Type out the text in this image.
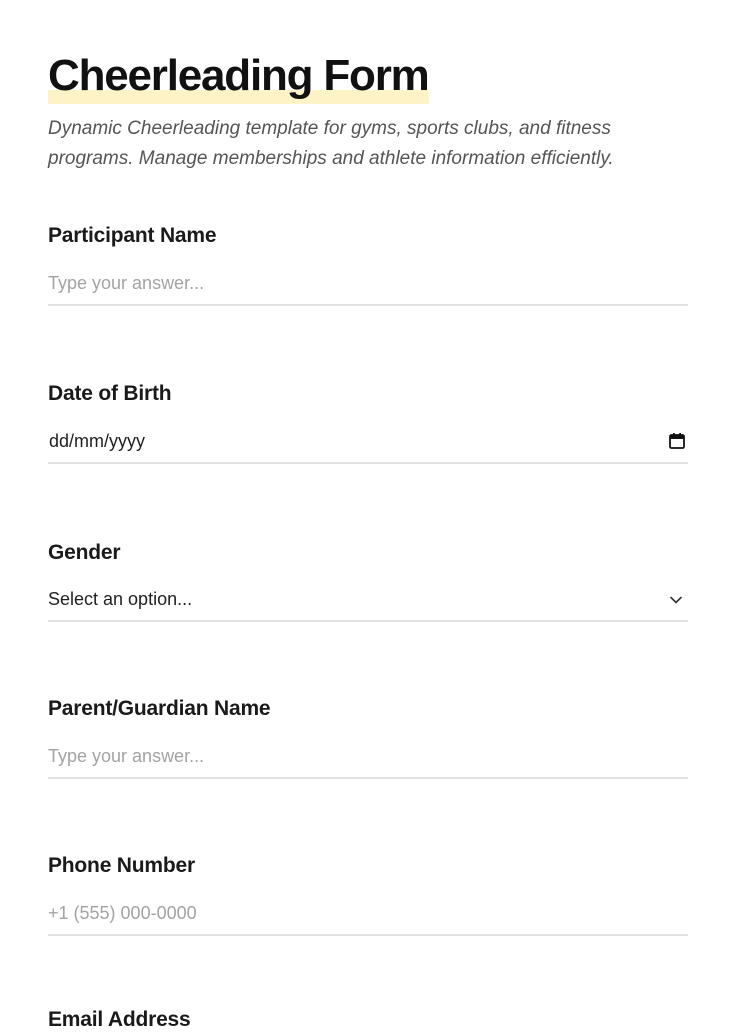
Cheerleading Form

Dynamic Cheerleading template for gyms, sports clubs, and fitness programs. Manage memberships and athlete information efficiently.

Participant Name
Type your answer...
Date of Birth
dd/mm/yyyy
Gender
Select an option...
Parent/Guardian Name
Type your answer...
Phone Number
+1 (555) 000-0000
Email Address
